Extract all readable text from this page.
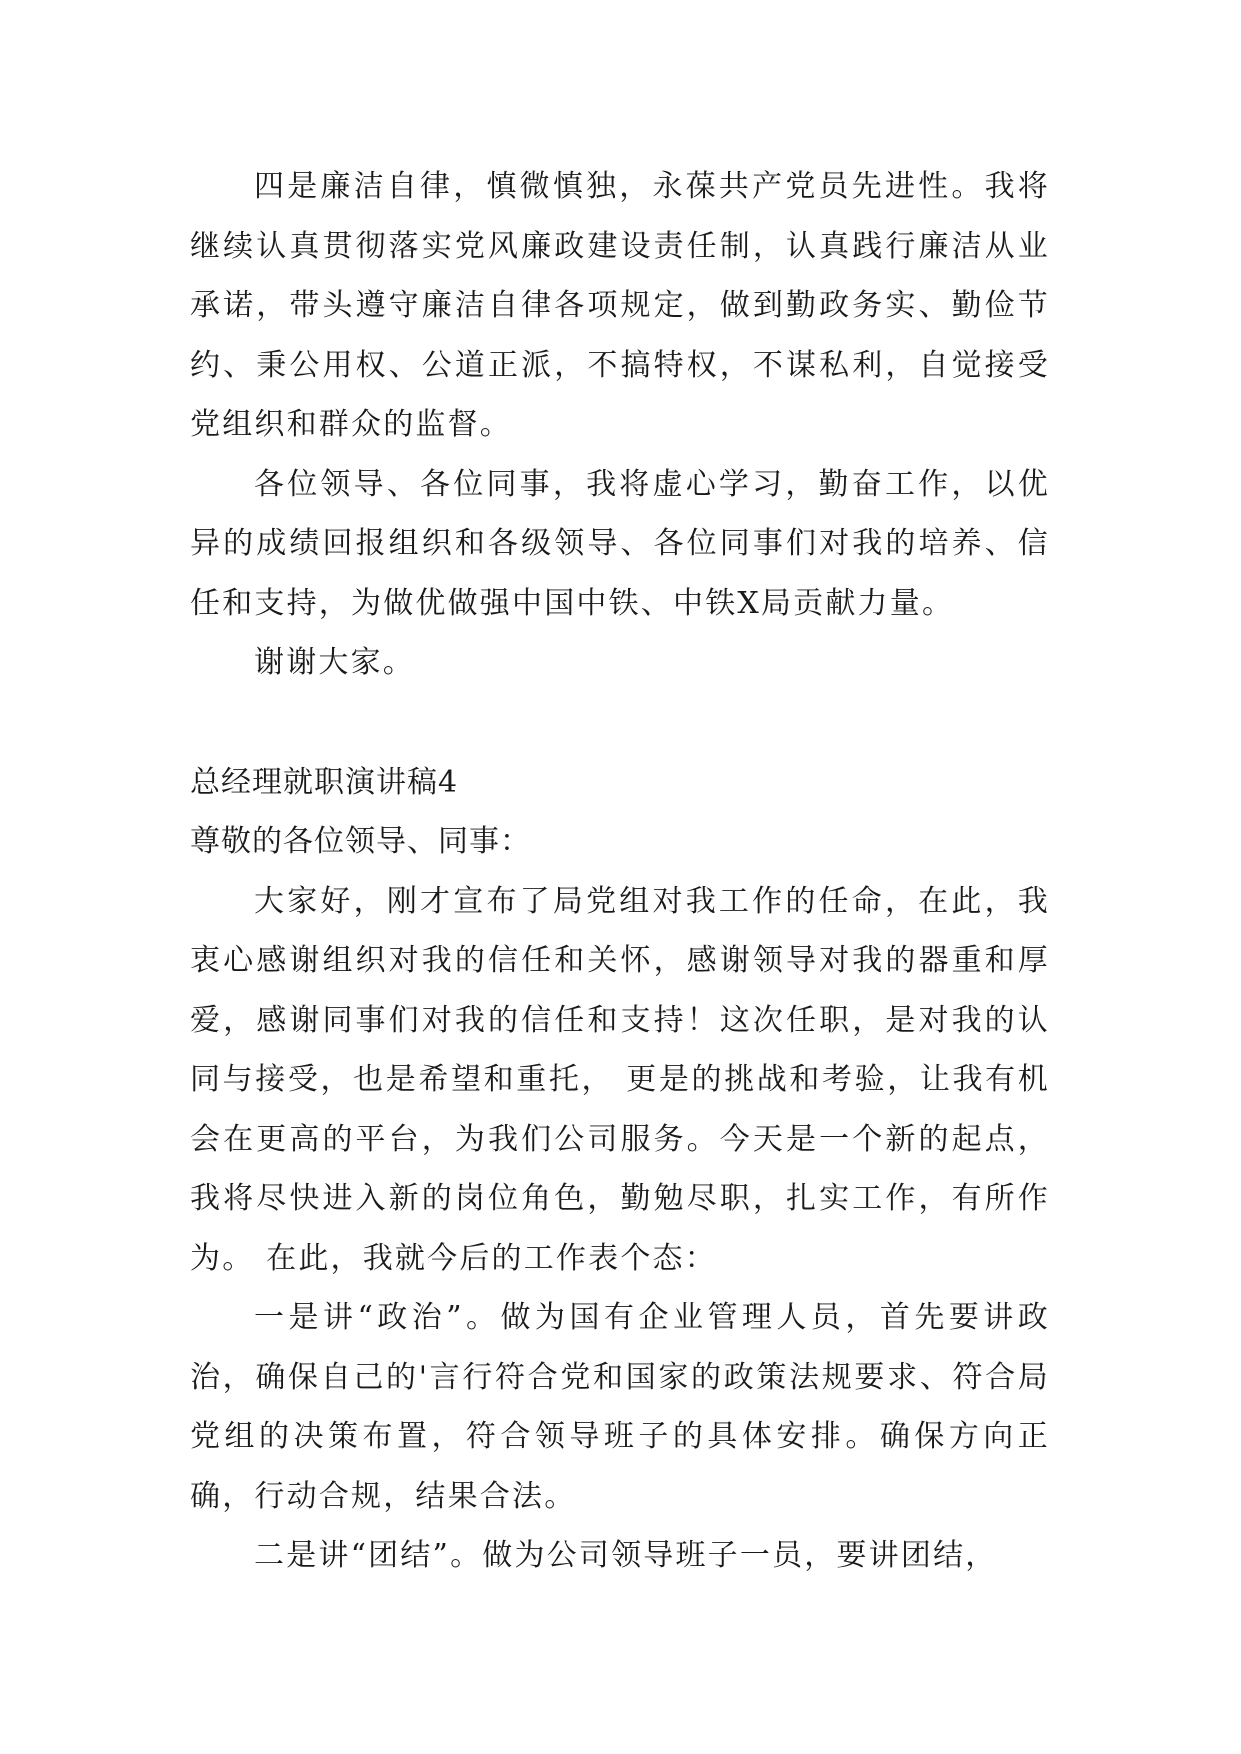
四是廉洁自律，慎微慎独，永葆共产党员先进性。我将继续认真贯彻落实党风廉政建设责任制，认真践行廉洁从业承诺，带头遵守廉洁自律各项规定，做到勤政务实、勤俭节约、秉公用权、公道正派，不搞特权，不谋私利，自觉接受党组织和群众的监督。

各位领导、各位同事，我将虚心学习，勤奋工作，以优异的成绩回报组织和各级领导、各位同事们对我的培养、信任和支持，为做优做强中国中铁、中铁X局贡献力量。

谢谢大家。

总经理就职演讲稿4

尊敬的各位领导、同事：

大家好，刚才宣布了局党组对我工作的任命，在此，我衷心感谢组织对我的信任和关怀，感谢领导对我的器重和厚爱，感谢同事们对我的信任和支持！这次任职，是对我的认同与接受，也是希望和重托， 更是的挑战和考验，让我有机会在更高的平台，为我们公司服务。今天是一个新的起点，我将尽快进入新的岗位角色，勤勉尽职，扎实工作，有所作为。 在此，我就今后的工作表个态：

一是讲“政治”。做为国有企业管理人员，首先要讲政治，确保自己的'言行符合党和国家的政策法规要求、符合局党组的决策布置，符合领导班子的具体安排。确保方向正确，行动合规，结果合法。

二是讲“团结”。做为公司领导班子一员，要讲团结，
